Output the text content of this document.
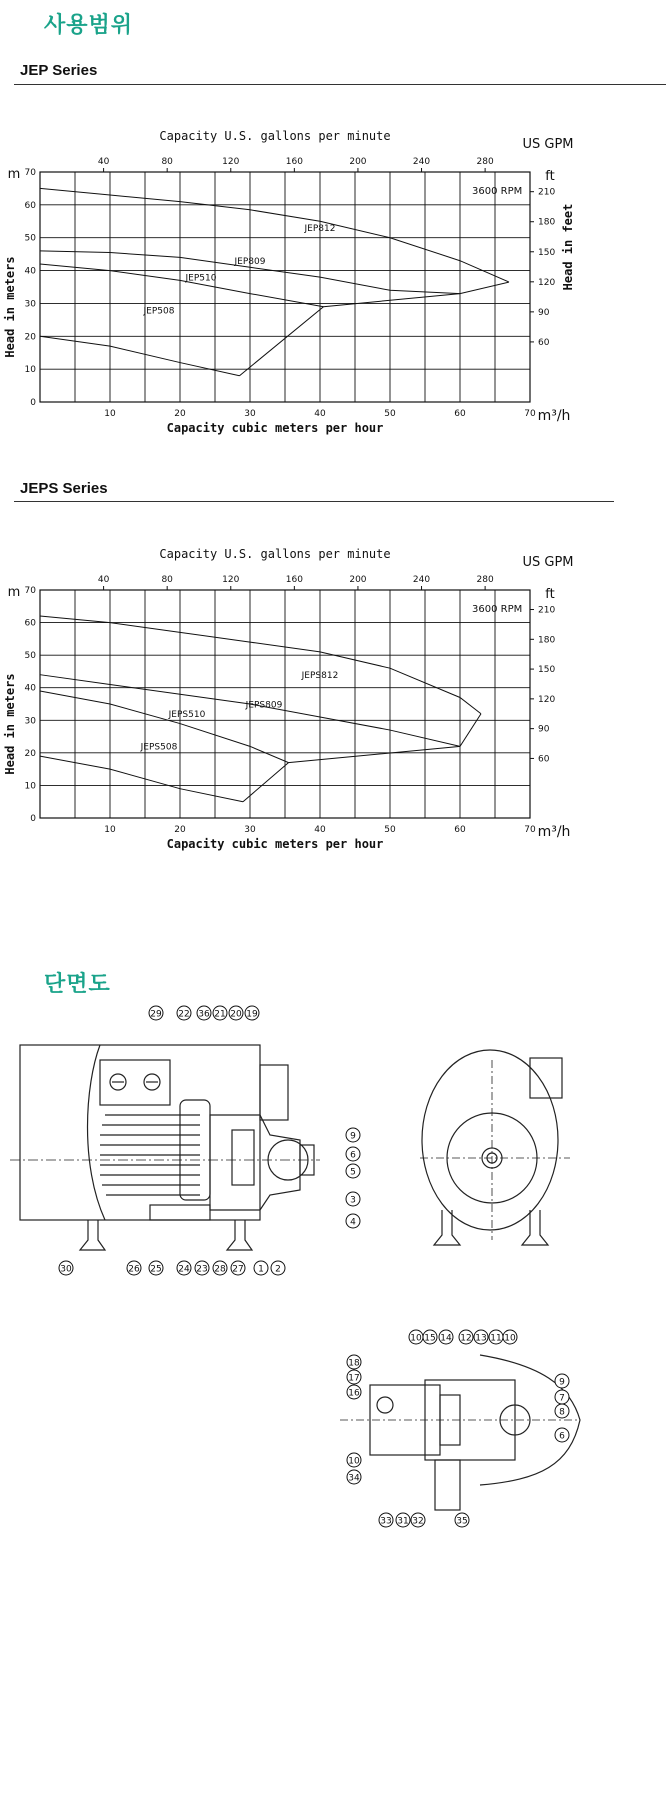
사용범위
JEP Series
Capacity U.S. gallons per minute
US GPM
40	80	120	160	200	240	280
10	20	30	40	50	60	70
Capacity cubic meters per hour
m³/h
0
10
20
30
40
50
60
70
m
Head in meters	60
90
120
150
180
210
ft
Head in feet
3600 RPM
JEP508
JEP510
JEP809
JEP812
JEPS Series
Capacity U.S. gallons per minute
US GPM
40	80	120	160	200	240	280
10	20	30	40	50	60	70
Capacity cubic meters per hour
m³/h
0
10
20
30
40
50
60
70
m
Head in meters	60
90
120
150
180
210
ft
3600 RPM
JEPS508
JEPS510
JEPS809
JEPS812
단면도
29 22 36 21 20 19
9
6
5
3
4
30	26 25 24 23 28 27 1 2
10 15 14 12 13 11 10
18
17
16
9
7
8
6
10
34
33 31 32	35
